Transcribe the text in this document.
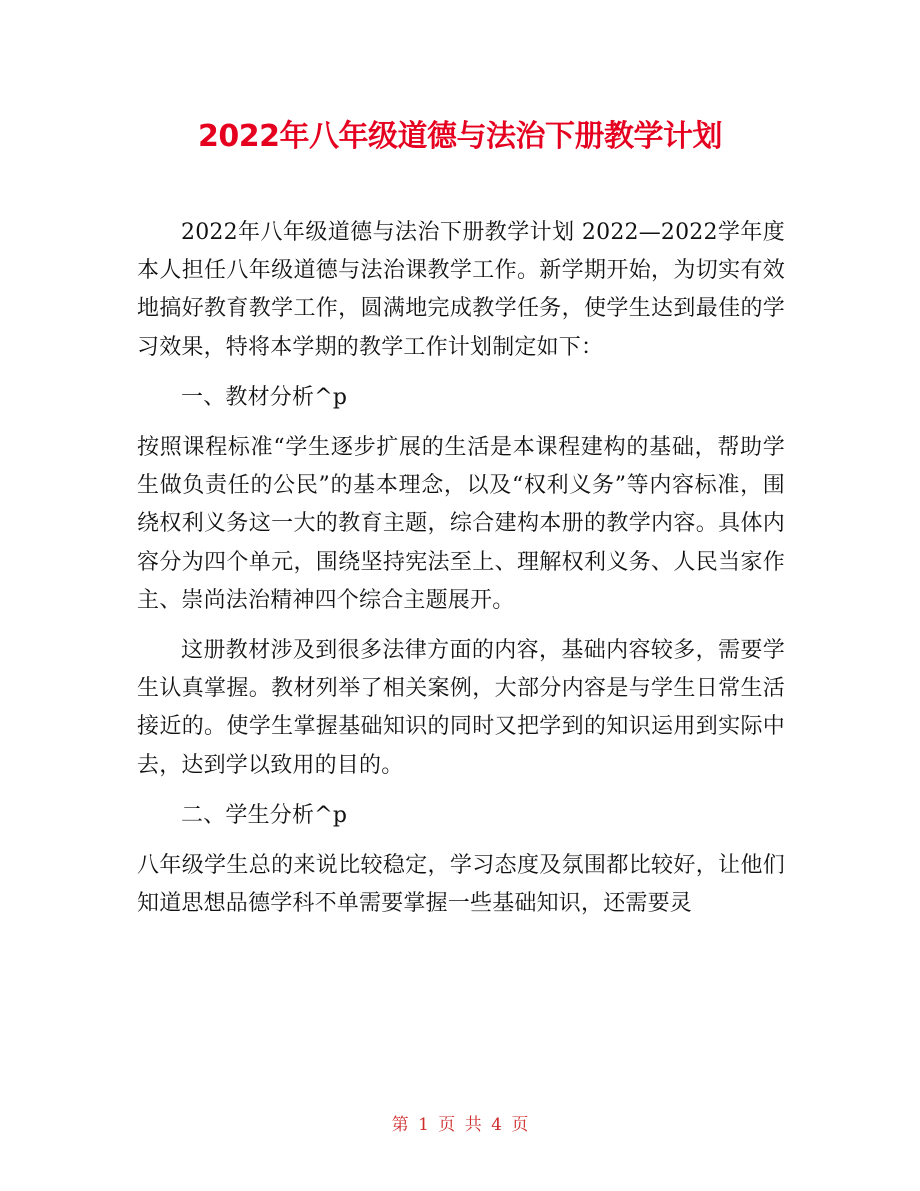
2022年八年级道德与法治下册教学计划

2022年八年级道德与法治下册教学计划 2022—2022学年度本人担任八年级道德与法治课教学工作。新学期开始，为切实有效地搞好教育教学工作，圆满地完成教学任务，使学生达到最佳的学习效果，特将本学期的教学工作计划制定如下：

一、教材分析^p

按照课程标准“学生逐步扩展的生活是本课程建构的基础，帮助学生做负责任的公民”的基本理念，以及“权利义务”等内容标准，围绕权利义务这一大的教育主题，综合建构本册的教学内容。具体内容分为四个单元，围绕坚持宪法至上、理解权利义务、人民当家作主、崇尚法治精神四个综合主题展开。

这册教材涉及到很多法律方面的内容，基础内容较多，需要学生认真掌握。教材列举了相关案例，大部分内容是与学生日常生活接近的。使学生掌握基础知识的同时又把学到的知识运用到实际中去，达到学以致用的目的。

二、学生分析^p

八年级学生总的来说比较稳定，学习态度及氛围都比较好，让他们知道思想品德学科不单需要掌握一些基础知识，还需要灵

第 1 页 共 4 页
